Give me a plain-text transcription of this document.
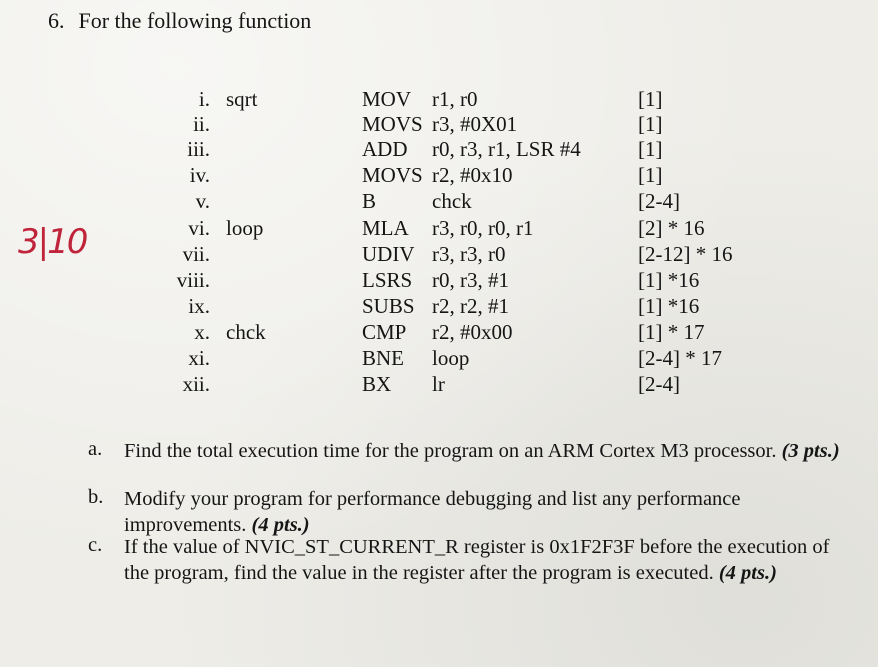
6. For the following function
i. sqrt	MOV r1, r0	[1]
ii.	MOVS r3, #0X01	[1]
iii.	ADD r0, r3, r1, LSR #4	[1]
iv.	MOVS r2, #0x10	[1]
v.	B	chck	[2-4]
vi. loop	MLA r3, r0, r0, r1	[2] * 16
vii.	UDIV r3, r3, r0	[2-12] * 16
viii.	LSRS r0, r3, #1	[1] *16
ix.	SUBS r2, r2, #1	[1] *16
x. chck	CMP r2, #0x00	[1] * 17
xi.	BNE loop	[2-4] * 17
xii.	BX lr	[2-4]
3|10
a. Find the total execution time for the program on an ARM Cortex M3 processor. (3 pts.)
b. Modify your program for performance debugging and list any performance improvements. (4 pts.)
c. If the value of NVIC_ST_CURRENT_R register is 0x1F2F3F before the execution of the program, find the value in the register after the program is executed. (4 pts.)
